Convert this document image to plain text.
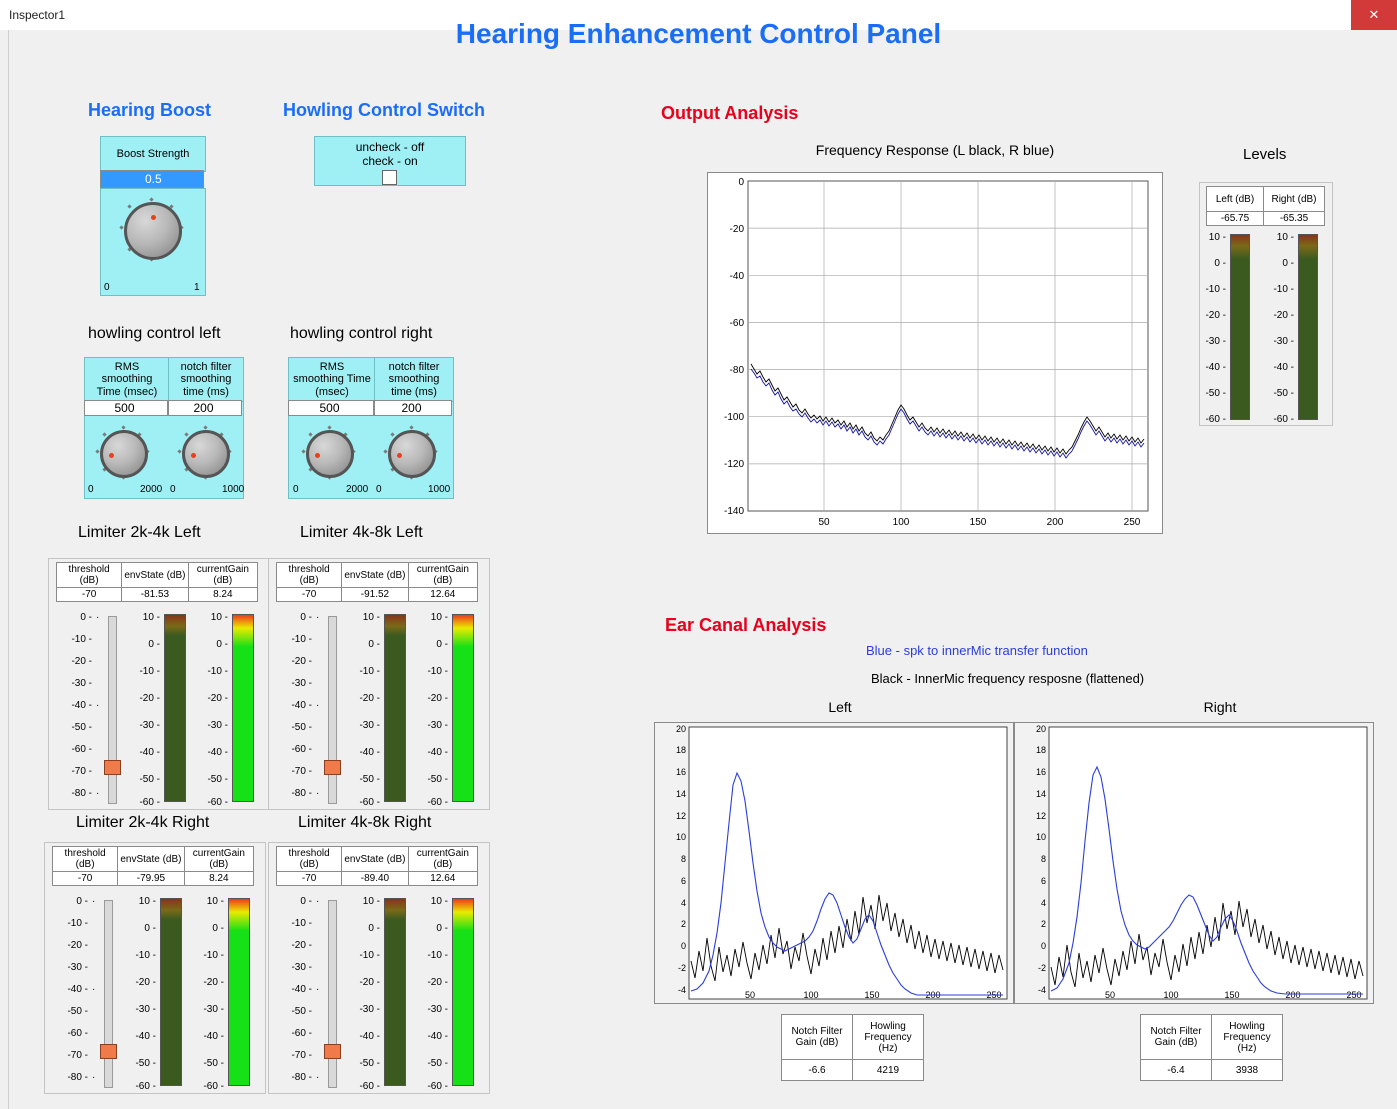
Inspector1	✕
Hearing Enhancement Control Panel
Hearing Boost
Boost Strength
0.5
0	1
Howling Control Switch
uncheck - off
check - on
howling control left
RMS smoothing Time (msec)
500
notch filter smoothing time (ms)
200
0	2000 0	1000
howling control right
RMS smoothing Time (msec)
500
notch filter smoothing time (ms)
200
0	2000 0	1000
Limiter 2k-4k Left
threshold (dB)	envState (dB)	currentGain (dB)
-70	-81.53	8.24
0 -
-10 -
-20 -
-30 -
-40 -
-50 -
-60 -
-70 -
-80 -
·
·
·
10 -
0 -
-10 -
-20 -
-30 -
-40 -
-50 -
-60 -
10 -
0 -
-10 -
-20 -
-30 -
-40 -
-50 -
-60 -
Limiter 4k-8k Left
threshold (dB)	envState (dB)	currentGain (dB)
-70	-91.52	12.64
0 -
-10 -
-20 -
-30 -
-40 -
-50 -
-60 -
-70 -
-80 -
·
·
·
10 -
0 -
-10 -
-20 -
-30 -
-40 -
-50 -
-60 -
10 -
0 -
-10 -
-20 -
-30 -
-40 -
-50 -
-60 -
Limiter 2k-4k Right
threshold (dB)	envState (dB)	currentGain (dB)
-70	-79.95	8.24
0 -
-10 -
-20 -
-30 -
-40 -
-50 -
-60 -
-70 -
-80 -
·
·
·
10 -
0 -
-10 -
-20 -
-30 -
-40 -
-50 -
-60 -
10 -
0 -
-10 -
-20 -
-30 -
-40 -
-50 -
-60 -
Limiter 4k-8k Right
threshold (dB)	envState (dB)	currentGain (dB)
-70	-89.40	12.64
0 -
-10 -
-20 -
-30 -
-40 -
-50 -
-60 -
-70 -
-80 -
·
·
·
10 -
0 -
-10 -
-20 -
-30 -
-40 -
-50 -
-60 -
10 -
0 -
-10 -
-20 -
-30 -
-40 -
-50 -
-60 -
Output Analysis
Frequency Response (L black, R blue)
0
-20
-40
-60
-80
-100
-120
-140
50	100	150	200	250
Levels
Left (dB)	Right (dB)
-65.75	-65.35
10 -
0 -
-10 -
-20 -
-30 -
-40 -
-50 -
-60 -
10 -
0 -
-10 -
-20 -
-30 -
-40 -
-50 -
-60 -
Ear Canal Analysis
Blue - spk to innerMic transfer function
Black - InnerMic frequency resposne (flattened)
Left	Right
20
18
16
14
12
10
8
6
4
2
0
-2
-4	50	100	150	200	250
20
18
16
14
12
10
8
6
4
2
0
-2
-4	50	100	150	200	250
Notch Filter Gain (dB)	Howling Frequency (Hz)
-6.6	4219
Notch Filter Gain (dB)	Howling Frequency (Hz)
-6.4	3938
